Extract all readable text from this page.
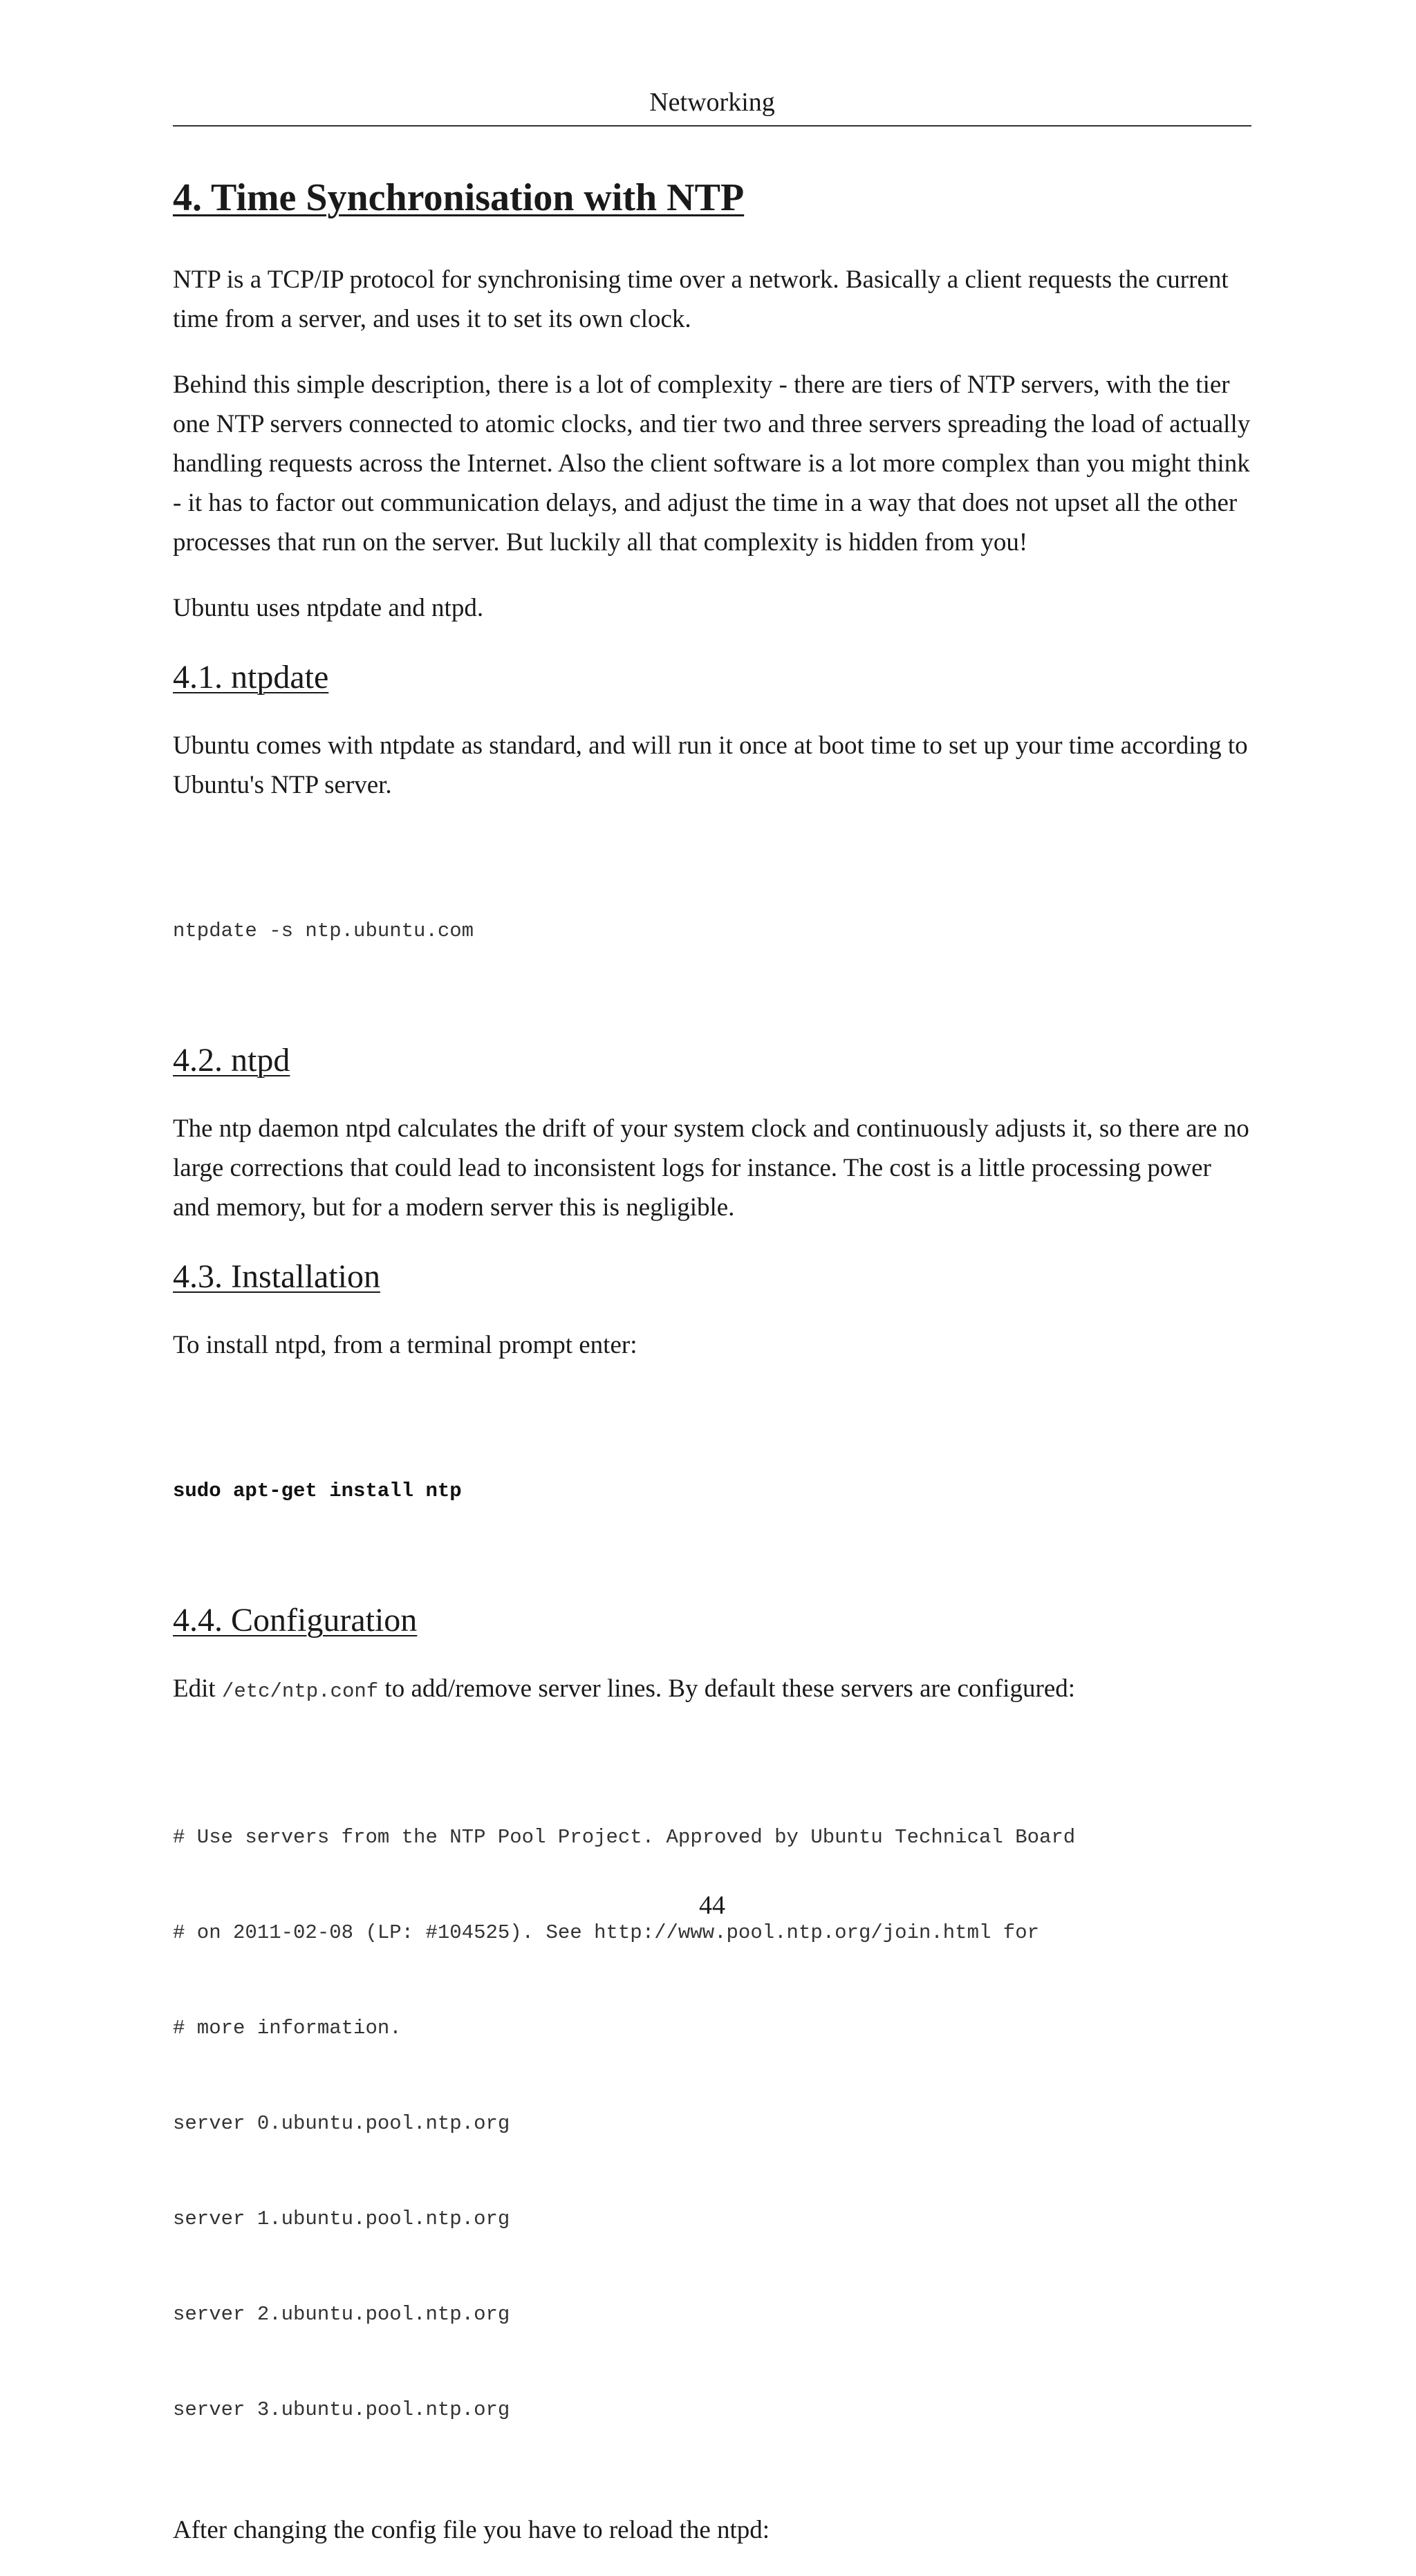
Networking
4. Time Synchronisation with NTP

NTP is a TCP/IP protocol for synchronising time over a network. Basically a client requests the current time from a server, and uses it to set its own clock.

Behind this simple description, there is a lot of complexity - there are tiers of NTP servers, with the tier one NTP servers connected to atomic clocks, and tier two and three servers spreading the load of actually handling requests across the Internet. Also the client software is a lot more complex than you might think - it has to factor out communication delays, and adjust the time in a way that does not upset all the other processes that run on the server. But luckily all that complexity is hidden from you!

Ubuntu uses ntpdate and ntpd.

4.1. ntpdate

Ubuntu comes with ntpdate as standard, and will run it once at boot time to set up your time according to Ubuntu's NTP server.

ntpdate -s ntp.ubuntu.com

4.2. ntpd

The ntp daemon ntpd calculates the drift of your system clock and continuously adjusts it, so there are no large corrections that could lead to inconsistent logs for instance. The cost is a little processing power and memory, but for a modern server this is negligible.

4.3. Installation

To install ntpd, from a terminal prompt enter:

sudo apt-get install ntp

4.4. Configuration

Edit /etc/ntp.conf to add/remove server lines. By default these servers are configured:

# Use servers from the NTP Pool Project. Approved by Ubuntu Technical Board

# on 2011-02-08 (LP: #104525). See http://www.pool.ntp.org/join.html for

# more information.

server 0.ubuntu.pool.ntp.org

server 1.ubuntu.pool.ntp.org

server 2.ubuntu.pool.ntp.org

server 3.ubuntu.pool.ntp.org

After changing the config file you have to reload the ntpd:

44
